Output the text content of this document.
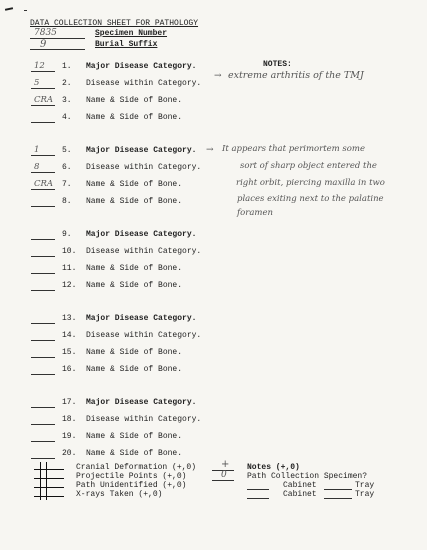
DATA COLLECTION SHEET FOR PATHOLOGY
7835	Specimen Number
9	Burial Suffix
NOTES:
12 1. Major Disease Category.
5	2. Disease within Category.
CRA 3. Name & Side of Bone.
4. Name & Side of Bone.
1	5. Major Disease Category.
8	6. Disease within Category.
CRA 7. Name & Side of Bone.
8. Name & Side of Bone.
9. Major Disease Category.
10. Disease within Category.
11. Name & Side of Bone.
12. Name & Side of Bone.
13. Major Disease Category.
14. Disease within Category.
15. Name & Side of Bone.
16. Name & Side of Bone.
17. Major Disease Category.
18. Disease within Category.
19. Name & Side of Bone.
20. Name & Side of Bone.
→ extreme arthritis of the TMJ
→ It appears that perimortem some
sort of sharp object entered the
right orbit, piercing maxilla in two
places exiting next to the palatine
foramen
Cranial Deformation (+,0)
Projectile Points (+,0)
Path Unidentified (+,0)
X-rays Taken (+,0)
+
0
Notes (+,0)
Path Collection Specimen?
Cabinet	Tray
Cabinet	Tray
